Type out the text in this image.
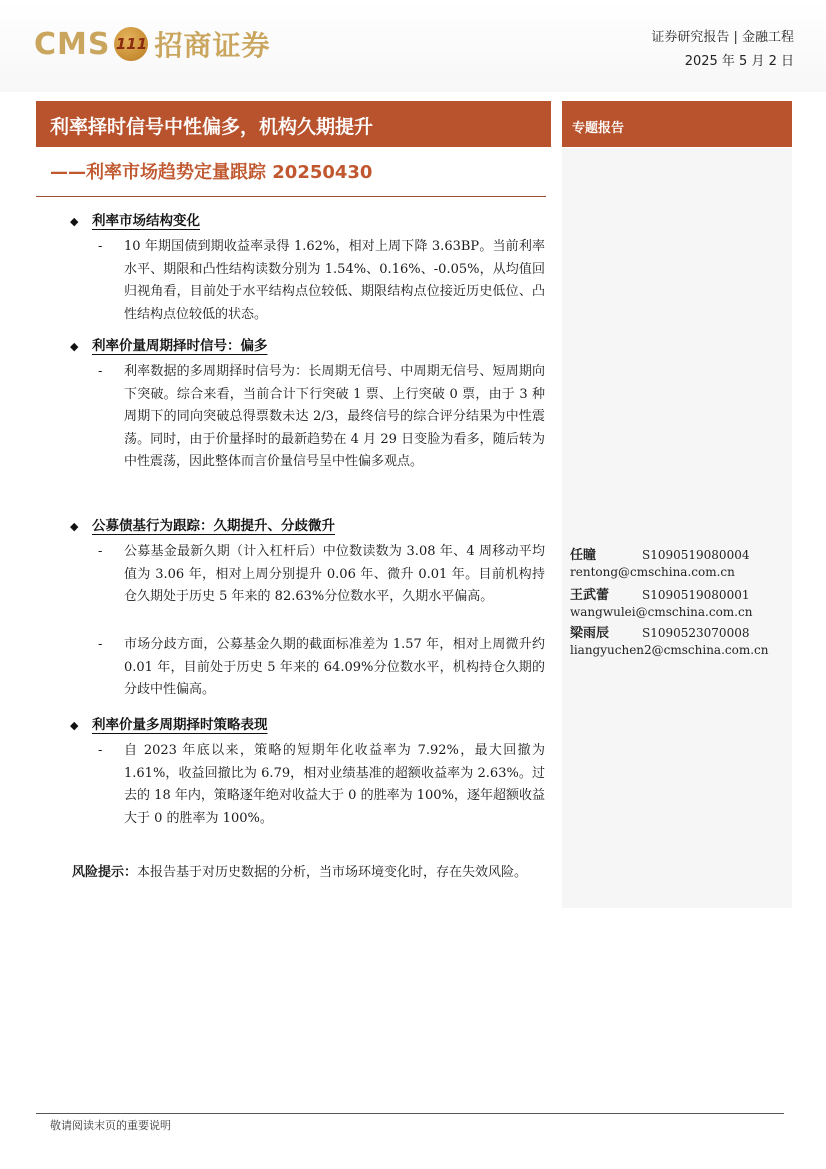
CMS 111 招商证券	证券研究报告 | 金融工程
2025 年 5 月 2 日
利率择时信号中性偏多，机构久期提升
——利率市场趋势定量跟踪 20250430
专题报告
◆ 利率市场结构变化
-	10 年期国债到期收益率录得 1.62%，相对上周下降 3.63BP。当前利率水平、期限和凸性结构读数分别为 1.54%、0.16%、-0.05%，从均值回归视角看，目前处于水平结构点位较低、期限结构点位接近历史低位、凸性结构点位较低的状态。
◆ 利率价量周期择时信号：偏多
-	利率数据的多周期择时信号为：长周期无信号、中周期无信号、短周期向下突破。综合来看，当前合计下行突破 1 票、上行突破 0 票，由于 3 种周期下的同向突破总得票数未达 2/3，最终信号的综合评分结果为中性震荡。同时，由于价量择时的最新趋势在 4 月 29 日变脸为看多，随后转为中性震荡，因此整体而言价量信号呈中性偏多观点。
◆ 公募债基行为跟踪：久期提升、分歧微升
-	公募基金最新久期（计入杠杆后）中位数读数为 3.08 年、4 周移动平均值为 3.06 年，相对上周分别提升 0.06 年、微升 0.01 年。目前机构持仓久期处于历史 5 年来的 82.63%分位数水平，久期水平偏高。
-	市场分歧方面，公募基金久期的截面标准差为 1.57 年，相对上周微升约 0.01 年，目前处于历史 5 年来的 64.09%分位数水平，机构持仓久期的分歧中性偏高。
◆ 利率价量多周期择时策略表现
-	自 2023 年底以来，策略的短期年化收益率为 7.92%，最大回撤为 1.61%，收益回撤比为 6.79，相对业绩基准的超额收益率为 2.63%。过去的 18 年内，策略逐年绝对收益大于 0 的胜率为 100%，逐年超额收益大于 0 的胜率为 100%。
风险提示：本报告基于对历史数据的分析，当市场环境变化时，存在失效风险。
任瞳	S1090519080004
rentong@cmschina.com.cn
王武蕾	S1090519080001
wangwulei@cmschina.com.cn
梁雨辰	S1090523070008
liangyuchen2@cmschina.com.cn
敬请阅读末页的重要说明
